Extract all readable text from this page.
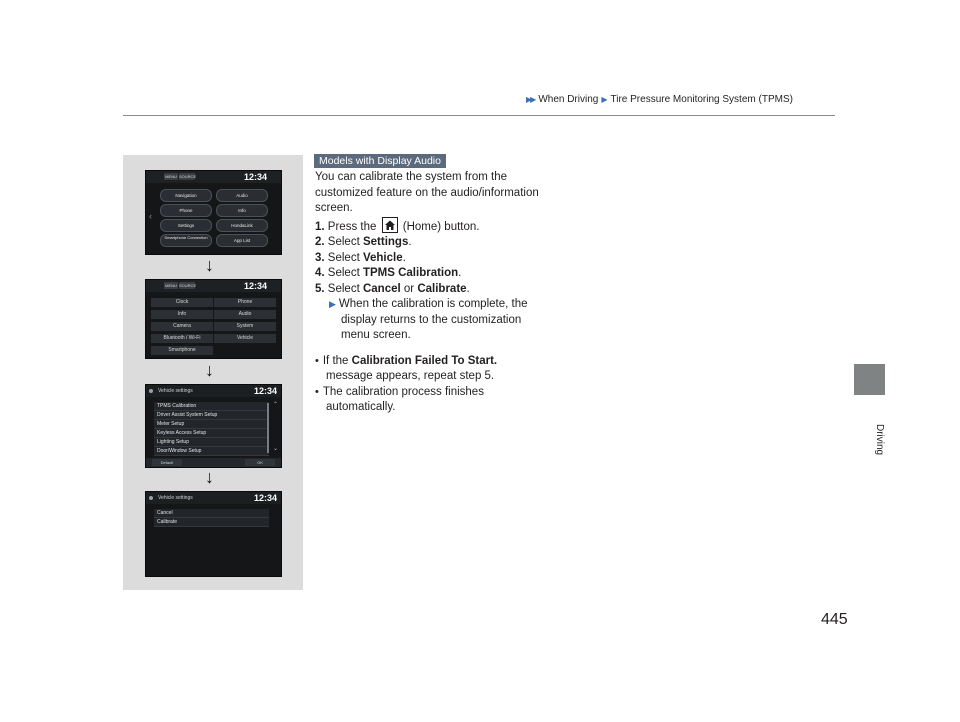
▶▶ When Driving ▶ Tire Pressure Monitoring System (TPMS)
Driving
MENU SOURCE	12:34
‹
Navigation	Audio
Phone	Info
Settings	HondaLink
Smartphone Connection
App List
↓
MENU SOURCE	12:34
Clock	Phone
Info	Audio
Camera	System
Bluetooth / Wi-Fi	Vehicle
Smartphone
↓
Vehicle settings	12:34
TPMS Calibration
Driver Assist System Setup
Meter Setup
Keyless Access Setup
Lighting Setup
Door/Window Setup
⌃
⌄
Default	OK
↓
Vehicle settings	12:34
Cancel
Calibrate
Models with Display Audio
You can calibrate the system from the
customized feature on the audio/information
screen.
1. Press the (Home) button.
2. Select Settings.
3. Select Vehicle.
4. Select TPMS Calibration.
5. Select Cancel or Calibrate.
▶ When the calibration is complete, the
display returns to the customization
menu screen.
• If the Calibration Failed To Start.
message appears, repeat step 5.
• The calibration process finishes
automatically.
445
